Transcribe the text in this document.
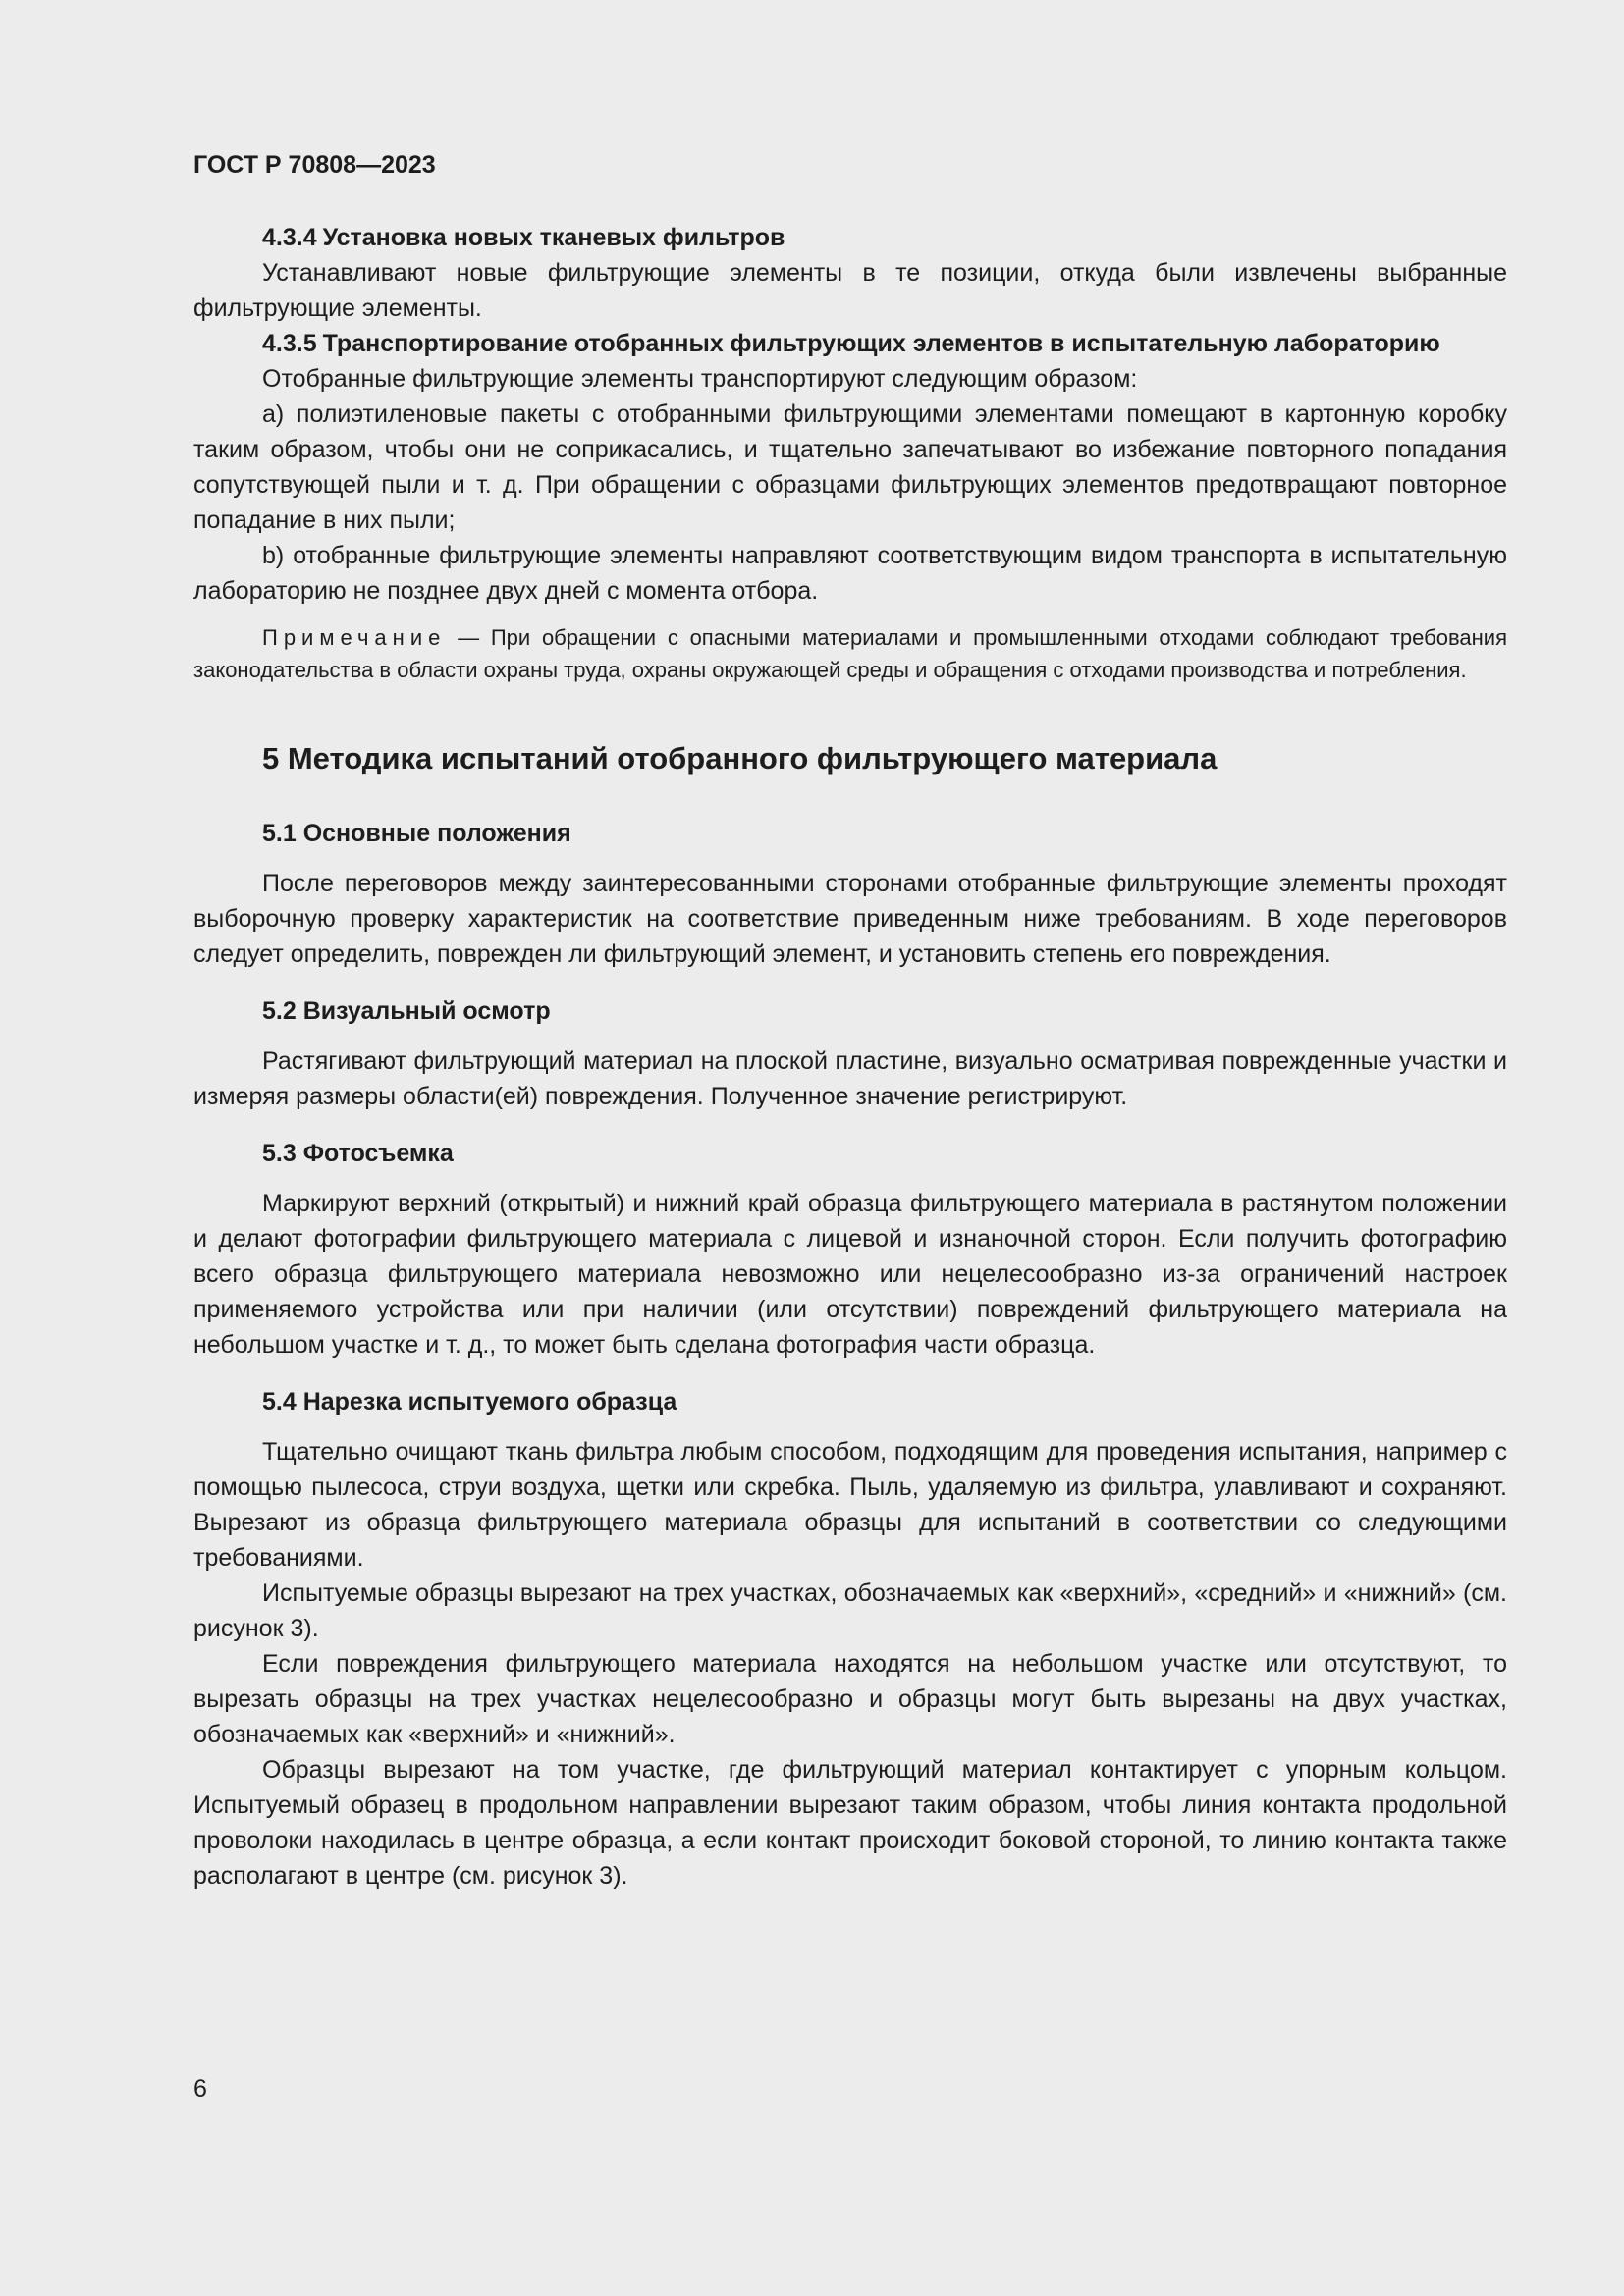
ГОСТ Р 70808—2023

4.3.4 Установка новых тканевых фильтров

Устанавливают новые фильтрующие элементы в те позиции, откуда были извлечены выбранные фильтрующие элементы.

4.3.5 Транспортирование отобранных фильтрующих элементов в испытательную лабораторию

Отобранные фильтрующие элементы транспортируют следующим образом:

a) полиэтиленовые пакеты с отобранными фильтрующими элементами помещают в картонную коробку таким образом, чтобы они не соприкасались, и тщательно запечатывают во избежание повторного попадания сопутствующей пыли и т. д. При обращении с образцами фильтрующих элементов предотвращают повторное попадание в них пыли;

b) отобранные фильтрующие элементы направляют соответствующим видом транспорта в испытательную лабораторию не позднее двух дней с момента отбора.

Примечание — При обращении с опасными материалами и промышленными отходами соблюдают требования законодательства в области охраны труда, охраны окружающей среды и обращения с отходами производства и потребления.

5 Методика испытаний отобранного фильтрующего материала

5.1 Основные положения

После переговоров между заинтересованными сторонами отобранные фильтрующие элементы проходят выборочную проверку характеристик на соответствие приведенным ниже требованиям. В ходе переговоров следует определить, поврежден ли фильтрующий элемент, и установить степень его повреждения.

5.2 Визуальный осмотр

Растягивают фильтрующий материал на плоской пластине, визуально осматривая поврежденные участки и измеряя размеры области(ей) повреждения. Полученное значение регистрируют.

5.3 Фотосъемка

Маркируют верхний (открытый) и нижний край образца фильтрующего материала в растянутом положении и делают фотографии фильтрующего материала с лицевой и изнаночной сторон. Если получить фотографию всего образца фильтрующего материала невозможно или нецелесообразно из-за ограничений настроек применяемого устройства или при наличии (или отсутствии) повреждений фильтрующего материала на небольшом участке и т. д., то может быть сделана фотография части образца.

5.4 Нарезка испытуемого образца

Тщательно очищают ткань фильтра любым способом, подходящим для проведения испытания, например с помощью пылесоса, струи воздуха, щетки или скребка. Пыль, удаляемую из фильтра, улавливают и сохраняют. Вырезают из образца фильтрующего материала образцы для испытаний в соответствии со следующими требованиями.

Испытуемые образцы вырезают на трех участках, обозначаемых как «верхний», «средний» и «нижний» (см. рисунок 3).

Если повреждения фильтрующего материала находятся на небольшом участке или отсутствуют, то вырезать образцы на трех участках нецелесообразно и образцы могут быть вырезаны на двух участках, обозначаемых как «верхний» и «нижний».

Образцы вырезают на том участке, где фильтрующий материал контактирует с упорным кольцом. Испытуемый образец в продольном направлении вырезают таким образом, чтобы линия контакта продольной проволоки находилась в центре образца, а если контакт происходит боковой стороной, то линию контакта также располагают в центре (см. рисунок 3).

6
